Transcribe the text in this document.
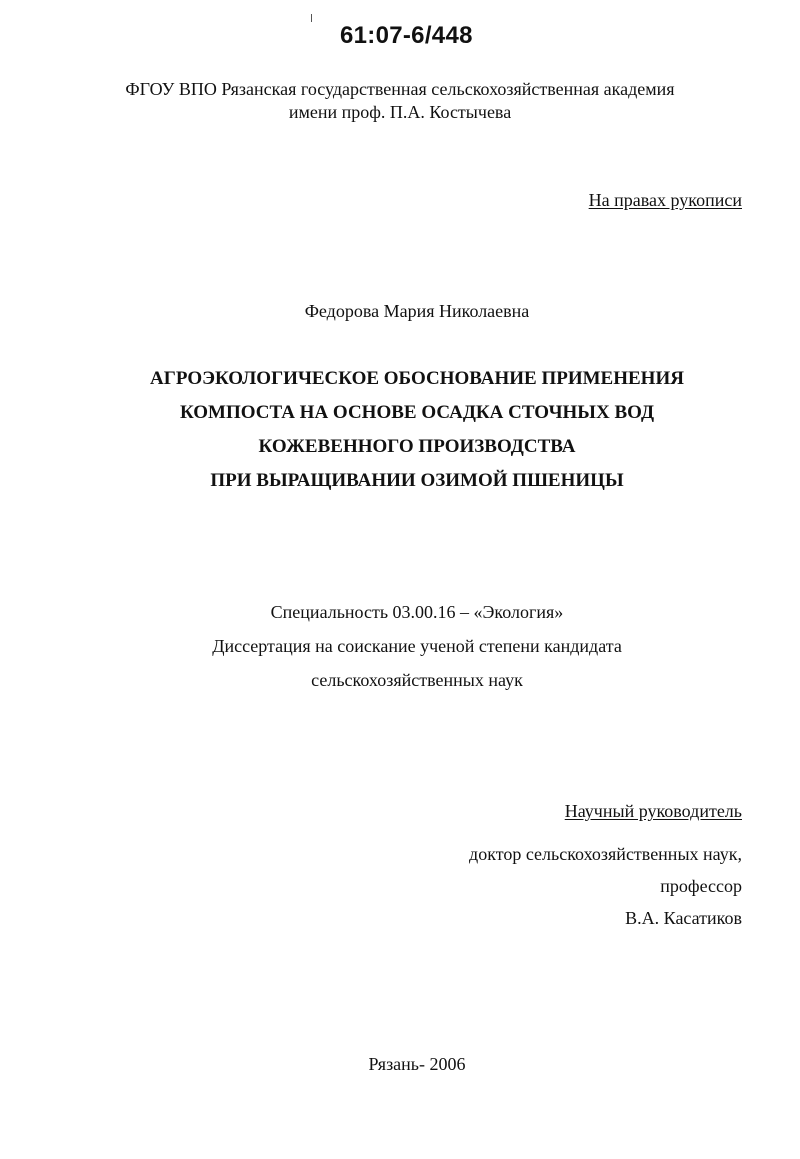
61:07-6/448
ФГОУ ВПО Рязанская государственная сельскохозяйственная академия
имени проф. П.А. Костычева
На правах рукописи
Федорова Мария Николаевна
АГРОЭКОЛОГИЧЕСКОЕ ОБОСНОВАНИЕ ПРИМЕНЕНИЯ
КОМПОСТА НА ОСНОВЕ ОСАДКА СТОЧНЫХ ВОД
КОЖЕВЕННОГО ПРОИЗВОДСТВА
ПРИ ВЫРАЩИВАНИИ ОЗИМОЙ ПШЕНИЦЫ
Специальность 03.00.16 – «Экология»
Диссертация на соискание ученой степени кандидата
сельскохозяйственных наук
Научный руководитель
доктор сельскохозяйственных наук,
профессор
В.А. Касатиков
Рязань- 2006
